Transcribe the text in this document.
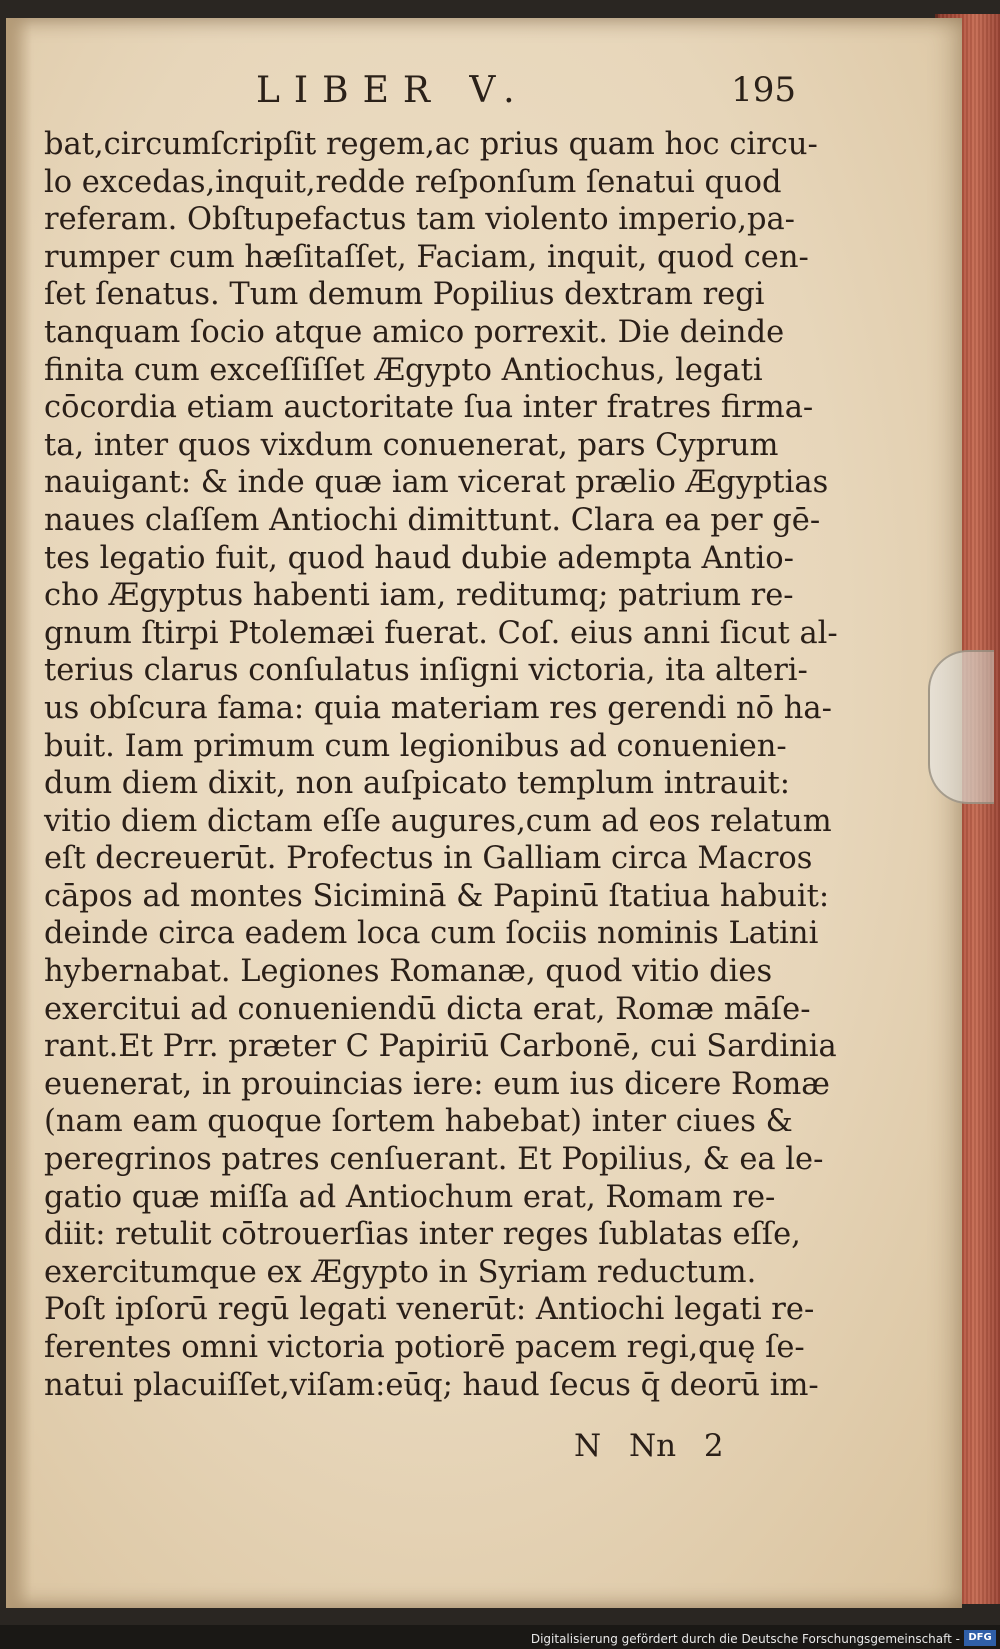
LIBER V.	195
bat,circumſcripſit regem,ac prius quam hoc circu-
lo excedas,inquit,redde reſponſum ſenatui quod
referam. Obſtupefactus tam violento imperio,pa-
rumper cum hæſitaſſet, Faciam, inquit, quod cen-
ſet ſenatus. Tum demum Popilius dextram regi
tanquam ſocio atque amico porrexit. Die deinde
finita cum exceſſiſſet Ægypto Antiochus, legati
cōcordia etiam auctoritate ſua inter fratres firma-
ta, inter quos vixdum conuenerat, pars Cyprum
nauigant: & inde quæ iam vicerat prælio Ægyptias
naues claſſem Antiochi dimittunt. Clara ea per gē-
tes legatio fuit, quod haud dubie adempta Antio-
cho Ægyptus habenti iam, reditumq; patrium re-
gnum ſtirpi Ptolemæi fuerat. Coſ. eius anni ſicut al-
terius clarus conſulatus inſigni victoria, ita alteri-
us obſcura fama: quia materiam res gerendi nō ha-
buit. Iam primum cum legionibus ad conuenien-
dum diem dixit, non auſpicato templum intrauit:
vitio diem dictam eſſe augures,cum ad eos relatum
eſt decreuerūt. Profectus in Galliam circa Macros
cāpos ad montes Siciminā & Papinū ſtatiua habuit:
deinde circa eadem loca cum ſociis nominis Latini
hybernabat. Legiones Romanæ, quod vitio dies
exercitui ad conueniendū dicta erat, Romæ māſe-
rant.Et Prr. præter C Papiriū Carbonē, cui Sardinia
euenerat, in prouincias iere: eum ius dicere Romæ
(nam eam quoque ſortem habebat) inter ciues &
peregrinos patres cenſuerant. Et Popilius, & ea le-
gatio quæ miſſa ad Antiochum erat, Romam re-
diit: retulit cōtrouerſias inter reges ſublatas eſſe,
exercitumque ex Ægypto in Syriam reductum.
Poſt ipſorū regū legati venerūt: Antiochi legati re-
ferentes omni victoria potiorē pacem regi,quę ſe-
natui placuiſſet,viſam:eūq; haud ſecus q̄ deorū im-
N Nn 2
Digitalisierung gefördert durch die Deutsche Forschungsgemeinschaft - DFG
